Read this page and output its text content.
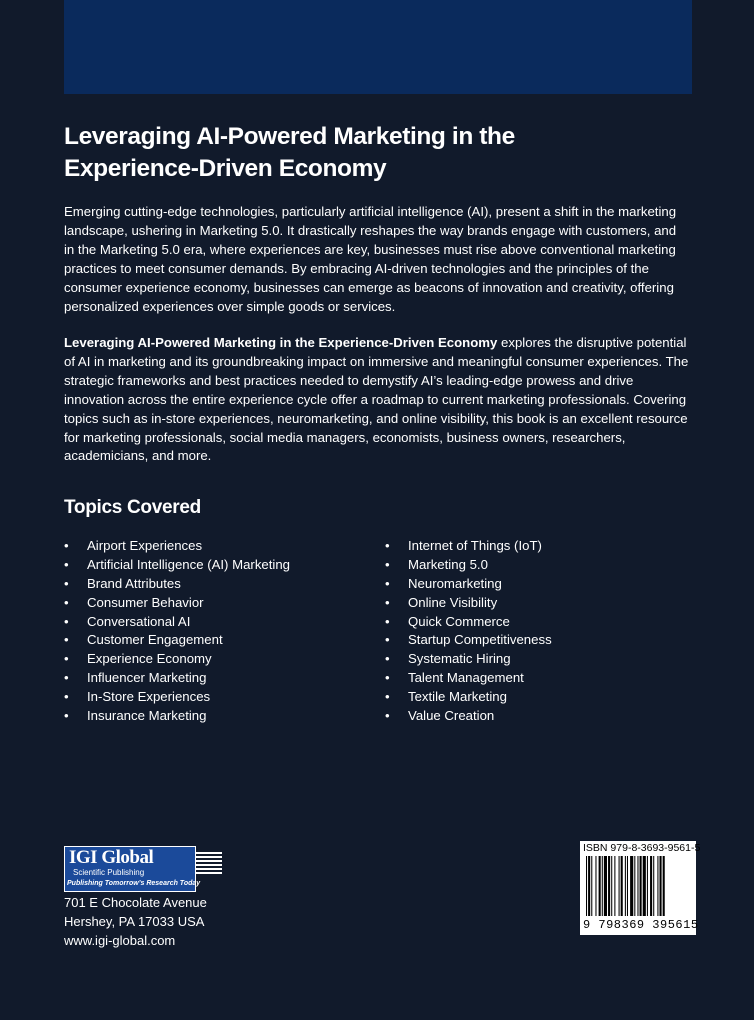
Leveraging AI-Powered Marketing in the
Experience-Driven Economy

Emerging cutting-edge technologies, particularly artificial intelligence (AI), present a shift in the marketing landscape, ushering in Marketing 5.0. It drastically reshapes the way brands engage with customers, and in the Marketing 5.0 era, where experiences are key, businesses must rise above conventional marketing practices to meet consumer demands. By embracing AI-driven technologies and the principles of the consumer experience economy, businesses can emerge as beacons of innovation and creativity, offering personalized experiences over simple goods or services.

Leveraging AI-Powered Marketing in the Experience-Driven Economy explores the disruptive potential of AI in marketing and its groundbreaking impact on immersive and meaningful consumer experiences. The strategic frameworks and best practices needed to demystify AI’s leading-edge prowess and drive innovation across the entire experience cycle offer a roadmap to current marketing professionals. Covering topics such as in-store experiences, neuromarketing, and online visibility, this book is an excellent resource for marketing professionals, social media managers, economists, business owners, researchers, academicians, and more.

Topics Covered
• Airport Experiences
• Artificial Intelligence (AI) Marketing
• Brand Attributes
• Consumer Behavior
• Conversational AI
• Customer Engagement
• Experience Economy
• Influencer Marketing
• In-Store Experiences
• Insurance Marketing
• Internet of Things (IoT)
• Marketing 5.0
• Neuromarketing
• Online Visibility
• Quick Commerce
• Startup Competitiveness
• Systematic Hiring
• Talent Management
• Textile Marketing
• Value Creation
IGI Global
Scientific Publishing
Publishing Tomorrow’s Research Today

701 E Chocolate Avenue
Hershey, PA 17033 USA
www.igi-global.com

ISBN 979-8-3693-9561-5
9 798369 395615
